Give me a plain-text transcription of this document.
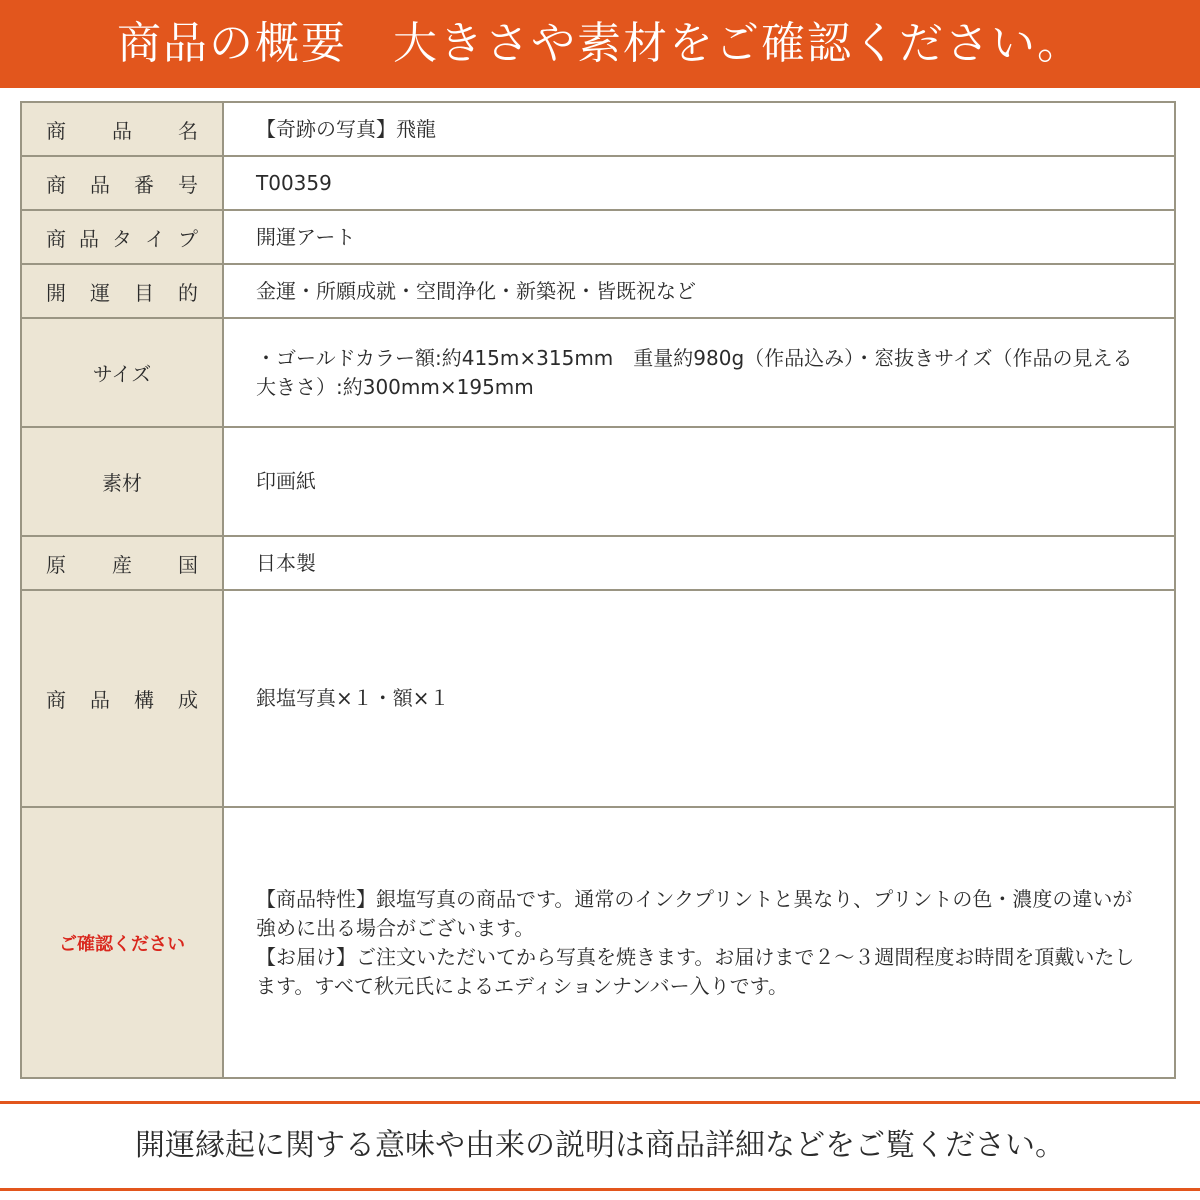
商品の概要　大きさや素材をご確認ください。
商 品 名	【奇跡の写真】飛龍

商 品 番 号	T00359

商 品 タ イ プ	開運アート

開 運 目 的	金運・所願成就・空間浄化・新築祝・皆既祝など
サイズ	・ゴールドカラー額:約415m×315mm　重量約980g（作品込み）・窓抜きサイズ（作品の見える大きさ）:約300mm×195mm
素材	印画紙

原 産 国	日本製

商 品 構 成	銀塩写真×１・額×１
ご確認ください	【商品特性】銀塩写真の商品です。通常のインクプリントと異なり、プリントの色・濃度の違いが強めに出る場合がございます。
【お届け】ご注文いただいてから写真を焼きます。お届けまで２～３週間程度お時間を頂戴いたします。すべて秋元氏によるエディションナンバー入りです。
開運縁起に関する意味や由来の説明は商品詳細などをご覧ください。
